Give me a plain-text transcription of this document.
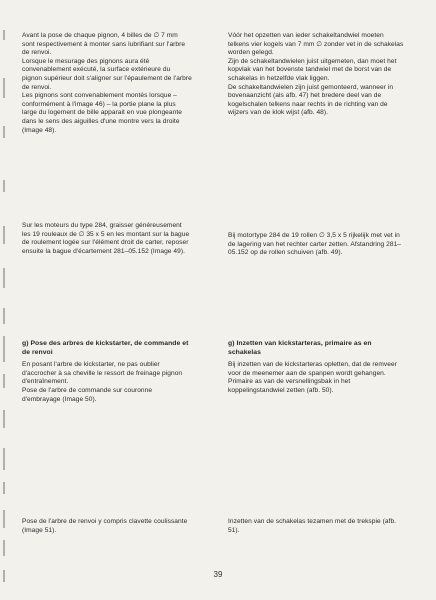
Avant la pose de chaque pignon, 4 billes de ∅ 7 mm sont respectivement à monter sans lubrifiant sur l'arbre de renvoi.

Lorsque le mesurage des pignons aura été convenablement exécuté, la surface extérieure du pignon supérieur doit s'aligner sur l'épaulement de l'arbre de renvoi.

Les pignons sont convenablement montés lorsque – conformément à l'image 46) – la portie plane la plus large du logement de bille apparait en vue plongeante dans le sens des aiguilles d'une montre vers la droite (Image 48).

Sur les moteurs du type 284, graisser généreusement les 19 rouleaux de ∅ 35 x 5 en les montant sur la bague de roulement logée sur l'élément droit de carter, reposer ensuite la bague d'écartement 281–05.152 (Image 49).

g) Pose des arbres de kickstarter, de commande et de renvoi

En posant l'arbre de kickstarter, ne pas oublier d'accrocher à sa cheville le ressort de freinage pignon d'entraînement.

Pose de l'arbre de commande sur couronne d'embrayage (Image 50).

Pose de l'arbre de renvoi y compris clavette coulissante (Image 51).

Vóór het opzetten van ieder schakeltandwiel moeten telkens vier kogels van 7 mm ∅ zonder vet in de schakelas worden gelegd.

Zijn de schakeltandwielen juist uitgemeten, dan moet het kopvlak van het bovenste tandwiel met de borst van de schakelas in hetzelfde vlak liggen.

De schakeltandwielen zijn juist gemonteerd, wanneer in bovenaanzicht (als afb. 47) het bredere deel van de kogelschalen telkens naar rechts in de richting van de wijzers van de klok wijst (afb. 48).

Bij motortype 284 de 19 rollen ∅ 3,5 x 5 rijkelijk met vet in de lagering van het rechter carter zetten. Afstandring 281–05.152 op de rollen schuiven (afb. 49).

g) Inzetten van kickstarteras, primaire as en schakelas

Bij inzetten van de kickstarteras opletten, dat de remveer voor de meenemer aan de spanpen wordt gehangen.

Primaire as van de versnellingsbak in het koppelingstandwiel zetten (afb. 50).

Inzetten van de schakelas tezamen met de trekspie (afb. 51).

39
